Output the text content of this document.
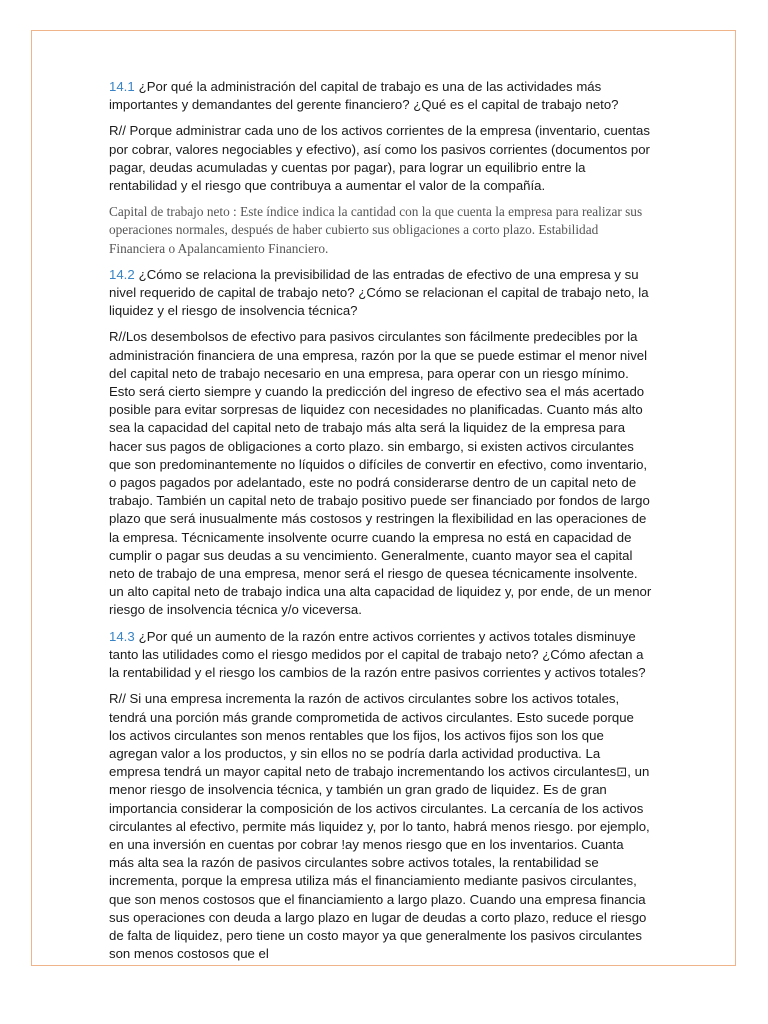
14.1 ¿Por qué la administración del capital de trabajo es una de las actividades más importantes y demandantes del gerente financiero? ¿Qué es el capital de trabajo neto?

R// Porque administrar cada uno de los activos corrientes de la empresa (inventario, cuentas por cobrar, valores negociables y efectivo), así como los pasivos corrientes (documentos por pagar, deudas acumuladas y cuentas por pagar), para lograr un equilibrio entre la rentabilidad y el riesgo que contribuya a aumentar el valor de la compañía.

Capital de trabajo neto : Este índice indica la cantidad con la que cuenta la empresa para realizar sus operaciones normales, después de haber cubierto sus obligaciones a corto plazo. Estabilidad Financiera o Apalancamiento Financiero.

14.2 ¿Cómo se relaciona la previsibilidad de las entradas de efectivo de una empresa y su nivel requerido de capital de trabajo neto? ¿Cómo se relacionan el capital de trabajo neto, la liquidez y el riesgo de insolvencia técnica?

R//Los desembolsos de efectivo para pasivos circulantes son fácilmente predecibles por la administración financiera de una empresa, razón por la que se puede estimar el menor nivel del capital neto de trabajo necesario en una empresa, para operar con un riesgo mínimo. Esto será cierto siempre y cuando la predicción del ingreso de efectivo sea el más acertado posible para evitar sorpresas de liquidez con necesidades no planificadas. Cuanto más alto sea la capacidad del capital neto de trabajo más alta será la liquidez de la empresa para hacer sus pagos de obligaciones a corto plazo. sin embargo, si existen activos circulantes que son predominantemente no líquidos o difíciles de convertir en efectivo, como inventario, o pagos pagados por adelantado, este no podrá considerarse dentro de un capital neto de trabajo. También un capital neto de trabajo positivo puede ser financiado por fondos de largo plazo que será inusualmente más costosos y restringen la flexibilidad en las operaciones de la empresa. Técnicamente insolvente ocurre cuando la empresa no está en capacidad de cumplir o pagar sus deudas a su vencimiento. Generalmente, cuanto mayor sea el capital neto de trabajo de una empresa, menor será el riesgo de quesea técnicamente insolvente. un alto capital neto de trabajo indica una alta capacidad de liquidez y, por ende, de un menor riesgo de insolvencia técnica y/o viceversa.

14.3 ¿Por qué un aumento de la razón entre activos corrientes y activos totales disminuye tanto las utilidades como el riesgo medidos por el capital de trabajo neto? ¿Cómo afectan a la rentabilidad y el riesgo los cambios de la razón entre pasivos corrientes y activos totales?

R// Si una empresa incrementa la razón de activos circulantes sobre los activos totales, tendrá una porción más grande comprometida de activos circulantes. Esto sucede porque los activos circulantes son menos rentables que los fijos, los activos fijos son los que agregan valor a los productos, y sin ellos no se podría darla actividad productiva. La empresa tendrá un mayor capital neto de trabajo incrementando los activos circulantes⊡, un menor riesgo de insolvencia técnica, y también un gran grado de liquidez. Es de gran importancia considerar la composición de los activos circulantes. La cercanía de los activos circulantes al efectivo, permite más liquidez y, por lo tanto, habrá menos riesgo. por ejemplo, en una inversión en cuentas por cobrar !ay menos riesgo que en los inventarios. Cuanta más alta sea la razón de pasivos circulantes sobre activos totales, la rentabilidad se incrementa, porque la empresa utiliza más el financiamiento mediante pasivos circulantes, que son menos costosos que el financiamiento a largo plazo. Cuando una empresa financia sus operaciones con deuda a largo plazo en lugar de deudas a corto plazo, reduce el riesgo de falta de liquidez, pero tiene un costo mayor ya que generalmente los pasivos circulantes son menos costosos que el
